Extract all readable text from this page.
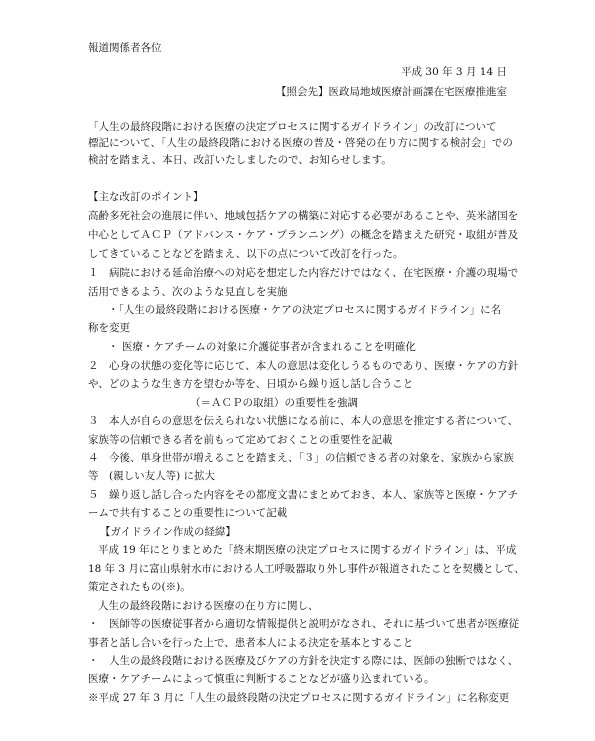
報道関係者各位
平成 30 年 3 月 14 日
【照会先】医政局地域医療計画課在宅医療推進室
「人生の最終段階における医療の決定プロセスに関するガイドライン」の改訂について
標記について、「人生の最終段階における医療の普及・啓発の在り方に関する検討会」での
検討を踏まえ、本日、改訂いたしましたので、お知らせします。
【主な改訂のポイント】
高齢多死社会の進展に伴い、地域包括ケアの構築に対応する必要があることや、英米諸国を
中心としてＡＣＰ（アドバンス・ケア・プランニング）の概念を踏まえた研究・取組が普及
してきていることなどを踏まえ、以下の点について改訂を行った。
１　病院における延命治療への対応を想定した内容だけではなく、在宅医療・介護の現場で
活用できるよう、次のような見直しを実施
・「人生の最終段階における医療・ケアの決定プロセスに関するガイドライン」に名
称を変更
・ 医療・ケアチームの対象に介護従事者が含まれることを明確化
２　心身の状態の変化等に応じて、本人の意思は変化しうるものであり、医療・ケアの方針
や、どのような生き方を望むか等を、日頃から繰り返し話し合うこと
（＝ＡＣＰの取組）の重要性を強調
３　本人が自らの意思を伝えられない状態になる前に、本人の意思を推定する者について、
家族等の信頼できる者を前もって定めておくことの重要性を記載
４　今後、単身世帯が増えることを踏まえ、「３」の信頼できる者の対象を、家族から家族
等　(親しい友人等) に拡大
５　繰り返し話し合った内容をその都度文書にまとめておき、本人、家族等と医療・ケアチ
ームで共有することの重要性について記載
【ガイドライン作成の経緯】
平成 19 年にとりまとめた「終末期医療の決定プロセスに関するガイドライン」は、平成
18 年 3 月に富山県射水市における人工呼吸器取り外し事件が報道されたことを契機として、
策定されたもの(※)。
人生の最終段階における医療の在り方に関し、
・　医師等の医療従事者から適切な情報提供と説明がなされ、それに基づいて患者が医療従
事者と話し合いを行った上で、患者本人による決定を基本とすること
・　人生の最終段階における医療及びケアの方針を決定する際には、医師の独断ではなく、
医療・ケアチームによって慎重に判断することなどが盛り込まれている。
※平成 27 年 3 月に「人生の最終段階の決定プロセスに関するガイドライン」に名称変更
